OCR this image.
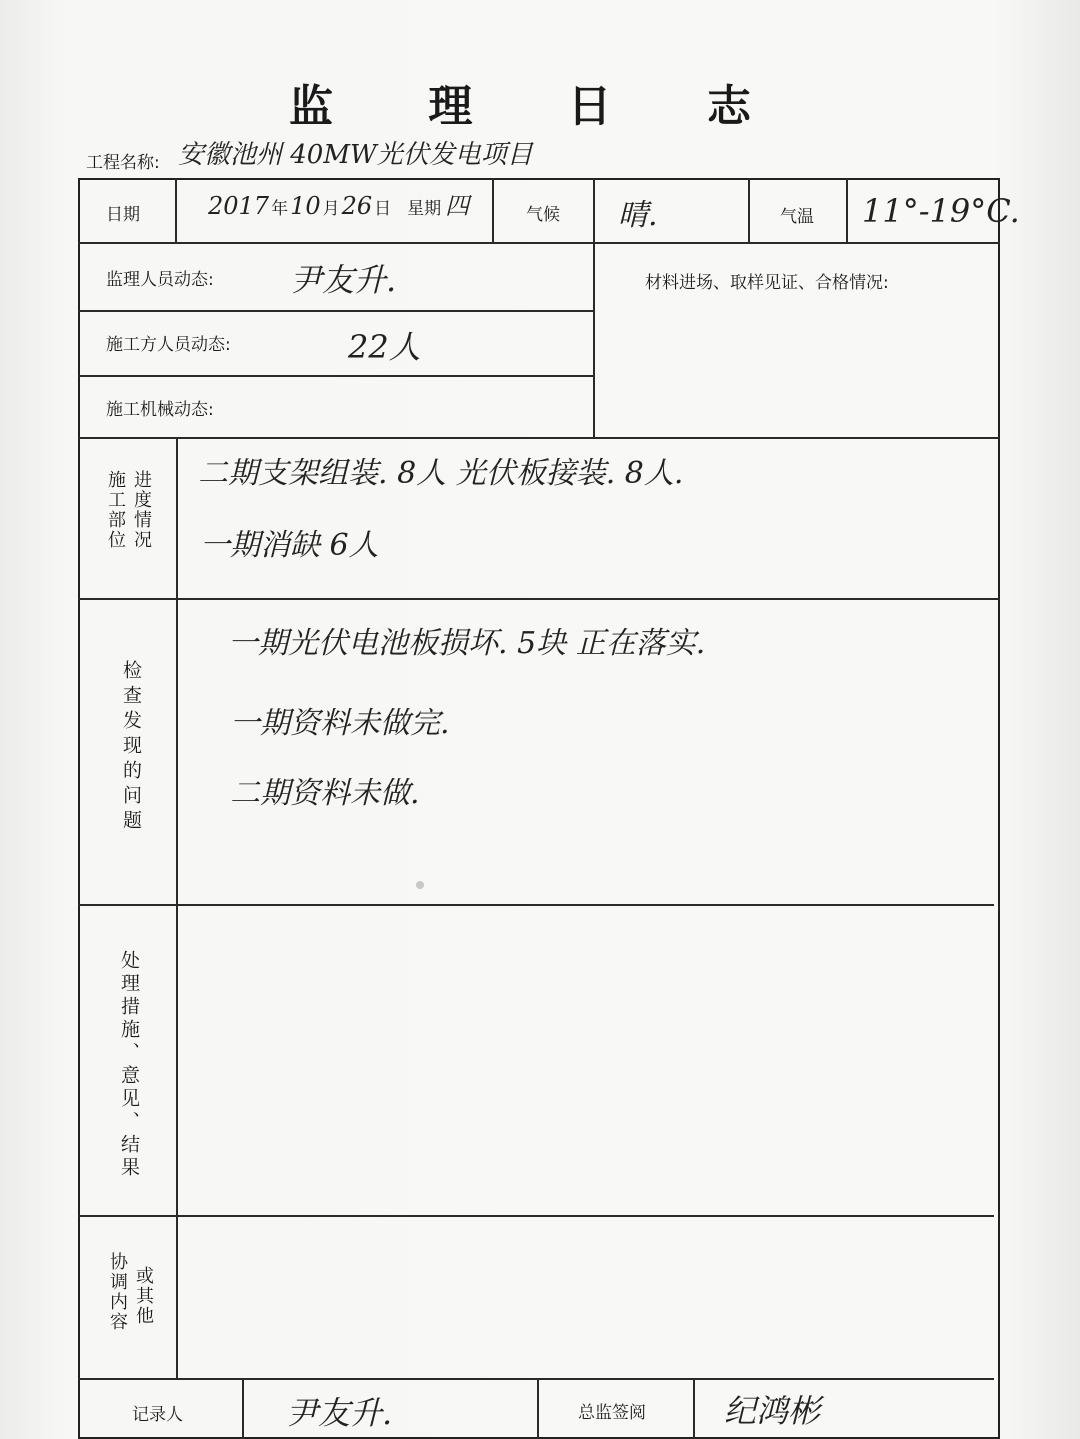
监 理 日 志
工程名称: 安徽池州 40MW光伏发电项目
日期	2017 年10 月26 日 星期 四	气候 晴.	气温 11°-19°C.
监理人员动态: 尹友升.
施工方人员动态:	22人
施工机械动态:
材料进场、取样见证、合格情况:
施工部位 进度情况 二期支架组装. 8人 光伏板接装. 8人.
一期消缺 6人
检查发现的问题
一期光伏电池板损坏. 5块 正在落实.
一期资料未做完.
二期资料未做.
处理措施、意见、结果
协调内容 或其他
记录人	尹友升.	总监签阅 纪鸿彬
